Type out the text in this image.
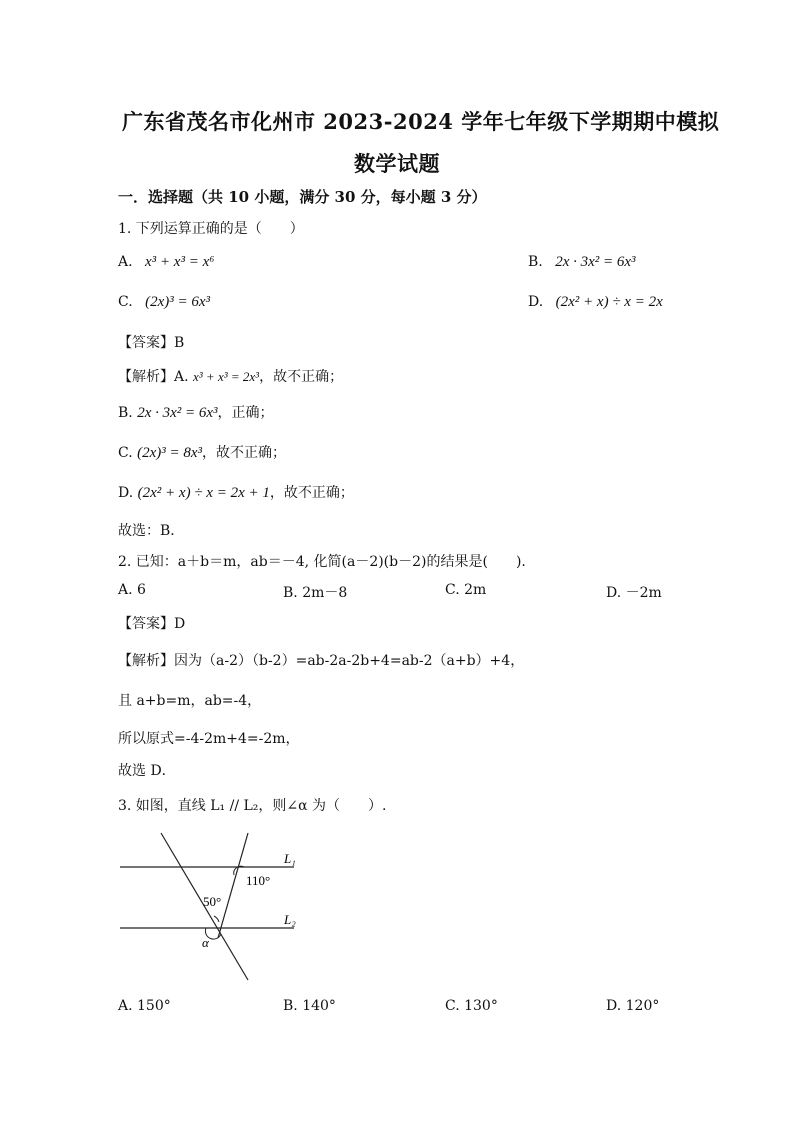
广东省茂名市化州市 2023-2024 学年七年级下学期期中模拟
数学试题
一．选择题（共 10 小题，满分 30 分，每小题 3 分）
1. 下列运算正确的是（　　）
A. x³ + x³ = x⁶	B. 2x · 3x² = 6x³
C. (2x)³ = 6x³	D. (2x² + x) ÷ x = 2x
【答案】B
【解析】A. x³ + x³ = 2x³，故不正确；
B. 2x · 3x² = 6x³，正确；
C. (2x)³ = 8x³，故不正确；
D. (2x² + x) ÷ x = 2x + 1，故不正确；
故选：B．
2. 已知：a＋b＝m，ab＝－4, 化简(a－2)(b－2)的结果是(　　).
A. 6	B. 2m－8	C. 2m	D. －2m
【答案】D
【解析】因为（a-2）（b-2）=ab-2a-2b+4=ab-2（a+b）+4，
且 a+b=m，ab=-4，
所以原式=-4-2m+4=-2m，
故选 D．
3. 如图，直线 L₁ // L₂，则∠α 为（　　）.
L₁
L₂
110°
50°
α
A. 150°	B. 140°	C. 130°	D. 120°
